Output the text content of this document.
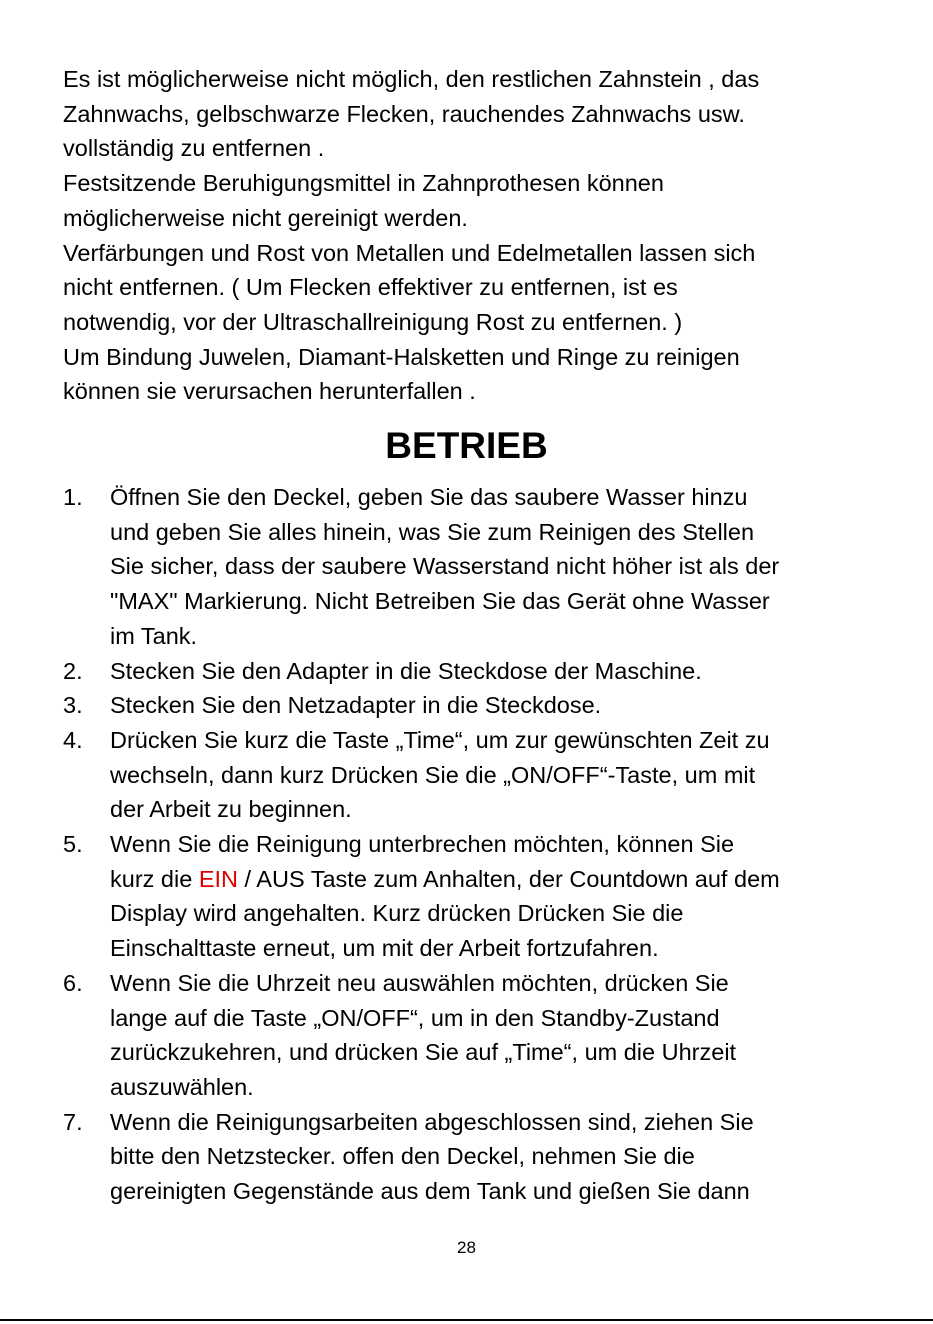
Es ist möglicherweise nicht möglich, den restlichen Zahnstein , das
Zahnwachs, gelbschwarze Flecken, rauchendes Zahnwachs usw.
vollständig zu entfernen .

Festsitzende Beruhigungsmittel in Zahnprothesen können
möglicherweise nicht gereinigt werden.

Verfärbungen und Rost von Metallen und Edelmetallen lassen sich
nicht entfernen. ( Um Flecken effektiver zu entfernen, ist es
notwendig, vor der Ultraschallreinigung Rost zu entfernen. )

Um Bindung Juwelen, Diamant-Halsketten und Ringe zu reinigen
können sie verursachen herunterfallen .

BETRIEB
1. Öffnen Sie den Deckel, geben Sie das saubere Wasser hinzu
und geben Sie alles hinein, was Sie zum Reinigen des Stellen
Sie sicher, dass der saubere Wasserstand nicht höher ist als der
"MAX" Markierung. Nicht Betreiben Sie das Gerät ohne Wasser
im Tank.
2. Stecken Sie den Adapter in die Steckdose der Maschine.
3. Stecken Sie den Netzadapter in die Steckdose.
4. Drücken Sie kurz die Taste „Time“, um zur gewünschten Zeit zu
wechseln, dann kurz Drücken Sie die „ON/OFF“-Taste, um mit
der Arbeit zu beginnen.
5. Wenn Sie die Reinigung unterbrechen möchten, können Sie
kurz die EIN / AUS Taste zum Anhalten, der Countdown auf dem
Display wird angehalten. Kurz drücken Drücken Sie die
Einschalttaste erneut, um mit der Arbeit fortzufahren.
6. Wenn Sie die Uhrzeit neu auswählen möchten, drücken Sie
lange auf die Taste „ON/OFF“, um in den Standby-Zustand
zurückzukehren, und drücken Sie auf „Time“, um die Uhrzeit
auszuwählen.
7. Wenn die Reinigungsarbeiten abgeschlossen sind, ziehen Sie
bitte den Netzstecker. offen den Deckel, nehmen Sie die
gereinigten Gegenstände aus dem Tank und gießen Sie dann
28
